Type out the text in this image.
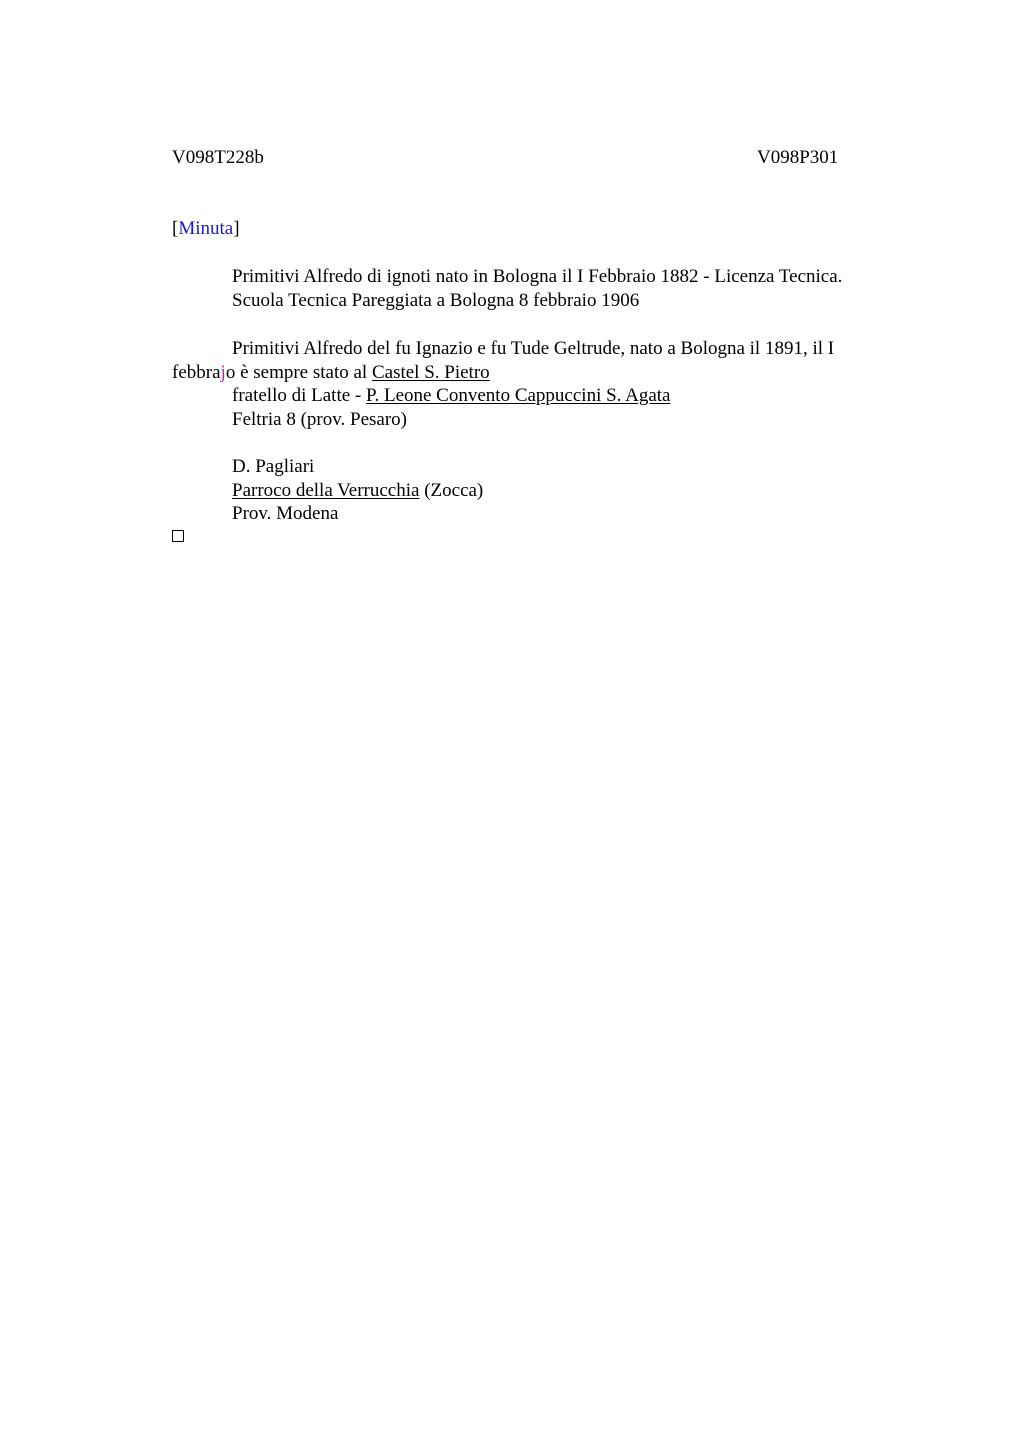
V098T228b	V098P301
[Minuta]
Primitivi Alfredo di ignoti nato in Bologna il I Febbraio 1882 - Licenza Tecnica.
Scuola Tecnica Pareggiata a Bologna 8 febbraio 1906
Primitivi Alfredo del fu Ignazio e fu Tude Geltrude, nato a Bologna il 1891, il I
febbrajo è sempre stato al Castel S. Pietro
fratello di Latte - P. Leone Convento Cappuccini S. Agata
Feltria 8 (prov. Pesaro)
D. Pagliari
Parroco della Verrucchia (Zocca)
Prov. Modena
